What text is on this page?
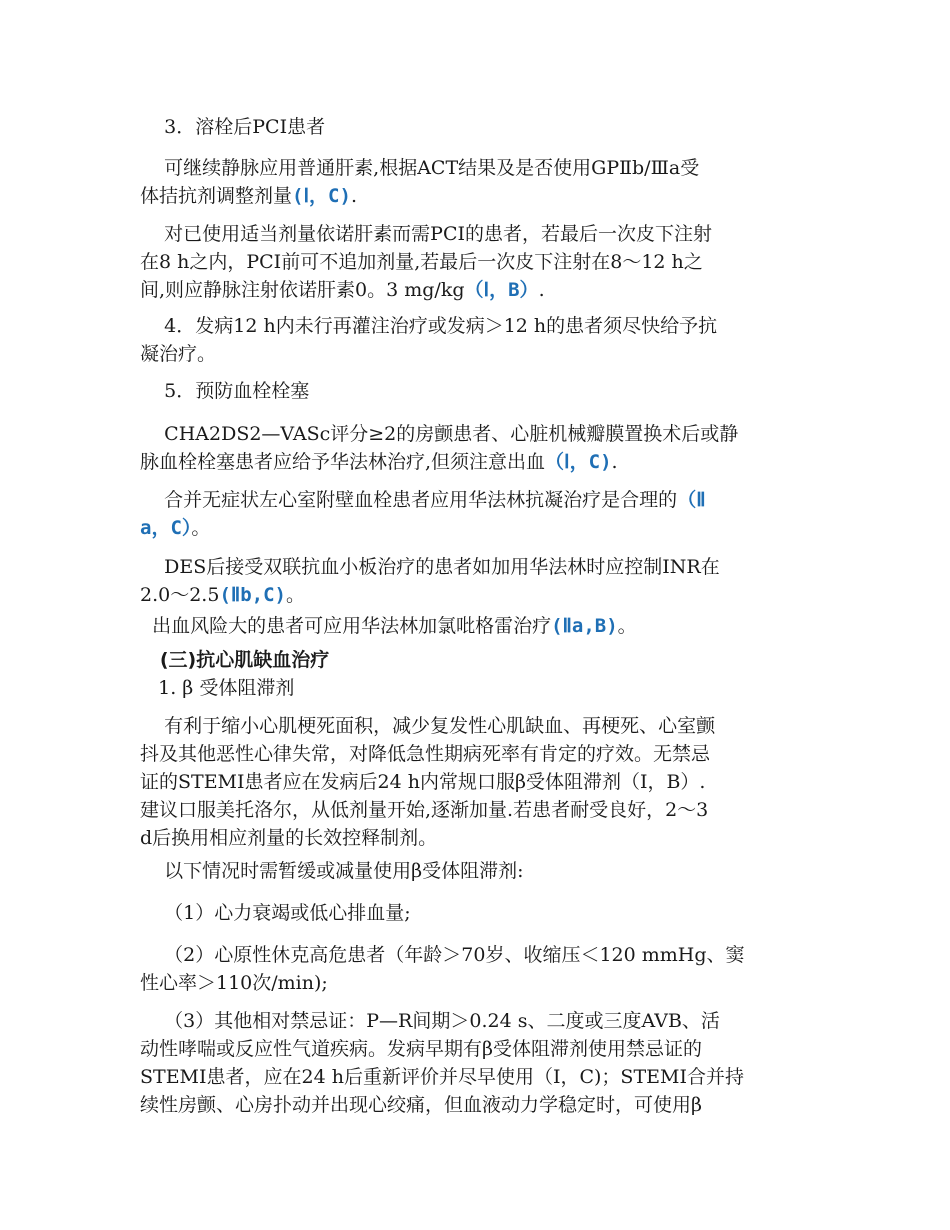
3．溶栓后PCI患者

可继续静脉应用普通肝素,根据ACT结果及是否使用GPⅡb/Ⅲa受
体拮抗剂调整剂量(Ⅰ，C).

对已使用适当剂量依诺肝素而需PCI的患者，若最后一次皮下注射
在8 h之内，PCI前可不追加剂量,若最后一次皮下注射在8～12 h之
间,则应静脉注射依诺肝素0。3 mg/kg（Ⅰ，B）.

4．发病12 h内未行再灌注治疗或发病＞12 h的患者须尽快给予抗
凝治疗。

5．预防血栓栓塞

CHA2DS2—VASc评分≥2的房颤患者、心脏机械瓣膜置换术后或静
脉血栓栓塞患者应给予华法林治疗,但须注意出血（Ⅰ，C).

合并无症状左心室附壁血栓患者应用华法林抗凝治疗是合理的（Ⅱ
a，C）。

DES后接受双联抗血小板治疗的患者如加用华法林时应控制INR在
2.0～2.5(Ⅱb,C)。

出血风险大的患者可应用华法林加氯吡格雷治疗(Ⅱa,B)。

(三)抗心肌缺血治疗

1. β 受体阻滞剂

有利于缩小心肌梗死面积，减少复发性心肌缺血、再梗死、心室颤
抖及其他恶性心律失常，对降低急性期病死率有肯定的疗效。无禁忌
证的STEMI患者应在发病后24 h内常规口服β受体阻滞剂（Ⅰ，B）.
建议口服美托洛尔，从低剂量开始,逐渐加量.若患者耐受良好，2～3
d后换用相应剂量的长效控释制剂。

以下情况时需暂缓或减量使用β受体阻滞剂:

（1）心力衰竭或低心排血量;

（2）心原性休克高危患者（年龄＞70岁、收缩压＜120 mmHg、窦
性心率＞110次/min);

（3）其他相对禁忌证：P—R间期＞0.24 s、二度或三度AVB、活
动性哮喘或反应性气道疾病。发病早期有β受体阻滞剂使用禁忌证的
STEMI患者，应在24 h后重新评价并尽早使用（Ⅰ，C)；STEMI合并持
续性房颤、心房扑动并出现心绞痛，但血液动力学稳定时，可使用β
